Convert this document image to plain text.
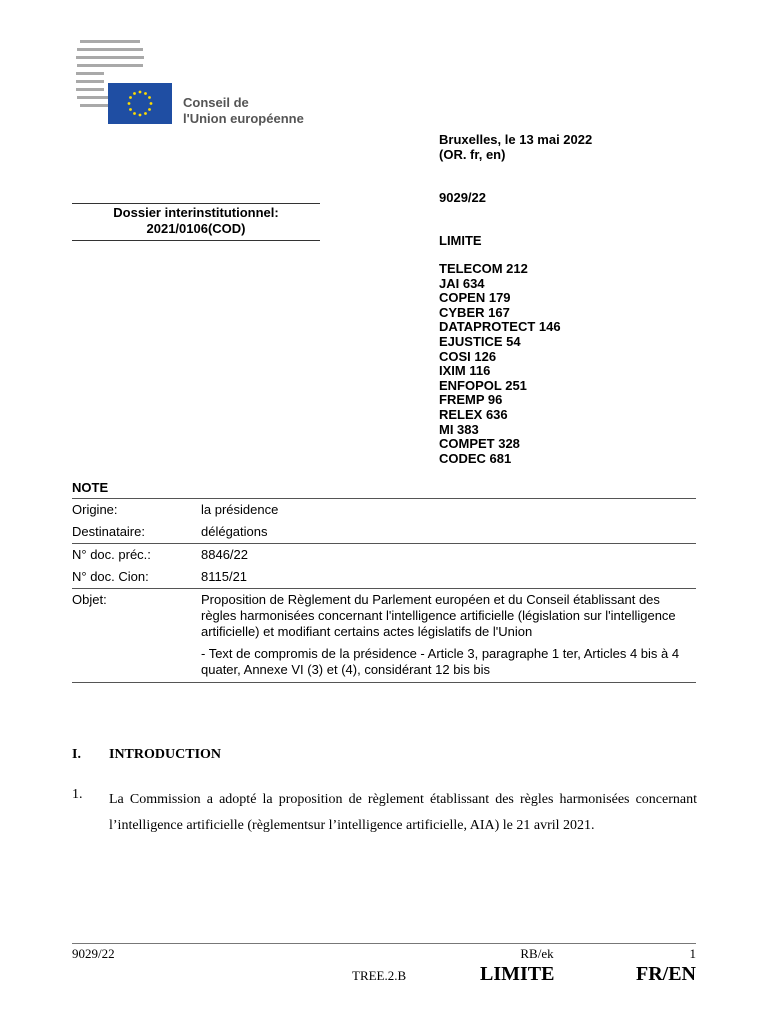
Conseil de
l'Union européenne
Bruxelles, le 13 mai 2022
(OR. fr, en)
9029/22
LIMITE
TELECOM 212
JAI 634
COPEN 179
CYBER 167
DATAPROTECT 146
EJUSTICE 54
COSI 126
IXIM 116
ENFOPOL 251
FREMP 96
RELEX 636
MI 383
COMPET 328
CODEC 681
Dossier interinstitutionnel:
2021/0106(COD)
NOTE
Origine:	la présidence
Destinataire:	délégations
N° doc. préc.:	8846/22
N° doc. Cion:	8115/21
Objet:	Proposition de Règlement du Parlement européen et du Conseil établissant des règles harmonisées concernant l'intelligence artificielle (législation sur l'intelligence artificielle) et modifiant certains actes législatifs de l'Union

- Text de compromis de la présidence - Article 3, paragraphe 1 ter, Articles 4 bis à 4 quater, Annexe VI (3) et (4), considérant 12 bis bis

I. INTRODUCTION
1. La Commission a adopté la proposition de règlement établissant des règles harmonisées concernant l’intelligence artificielle (règlementsur l’intelligence artificielle, AIA) le 21 avril 2021.
9029/22	RB/ek	1
TREE.2.B	LIMITE	FR/EN
